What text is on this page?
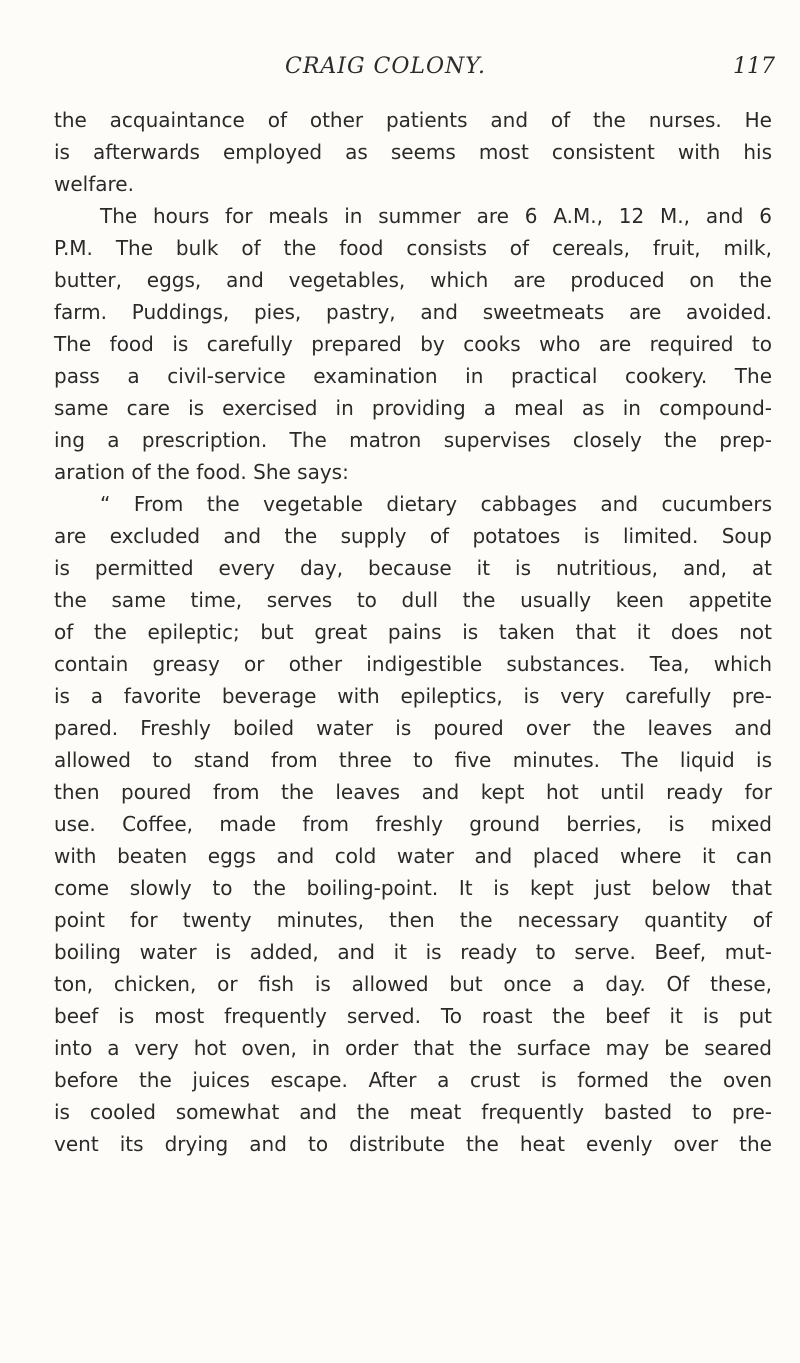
CRAIG COLONY.	117
the acquaintance of other patients and of the nurses. He
is afterwards employed as seems most consistent with his
welfare.
The hours for meals in summer are 6 A.M., 12 M., and 6
P.M. The bulk of the food consists of cereals, fruit, milk,
butter, eggs, and vegetables, which are produced on the
farm. Puddings, pies, pastry, and sweetmeats are avoided.
The food is carefully prepared by cooks who are required to
pass a civil-service examination in practical cookery. The
same care is exercised in providing a meal as in compound-
ing a prescription. The matron supervises closely the prep-
aration of the food. She says:
“ From the vegetable dietary cabbages and cucumbers
are excluded and the supply of potatoes is limited. Soup
is permitted every day, because it is nutritious, and, at
the same time, serves to dull the usually keen appetite
of the epileptic; but great pains is taken that it does not
contain greasy or other indigestible substances. Tea, which
is a favorite beverage with epileptics, is very carefully pre-
pared. Freshly boiled water is poured over the leaves and
allowed to stand from three to five minutes. The liquid is
then poured from the leaves and kept hot until ready for
use. Coffee, made from freshly ground berries, is mixed
with beaten eggs and cold water and placed where it can
come slowly to the boiling-point. It is kept just below that
point for twenty minutes, then the necessary quantity of
boiling water is added, and it is ready to serve. Beef, mut-
ton, chicken, or fish is allowed but once a day. Of these,
beef is most frequently served. To roast the beef it is put
into a very hot oven, in order that the surface may be seared
before the juices escape. After a crust is formed the oven
is cooled somewhat and the meat frequently basted to pre-
vent its drying and to distribute the heat evenly over the
